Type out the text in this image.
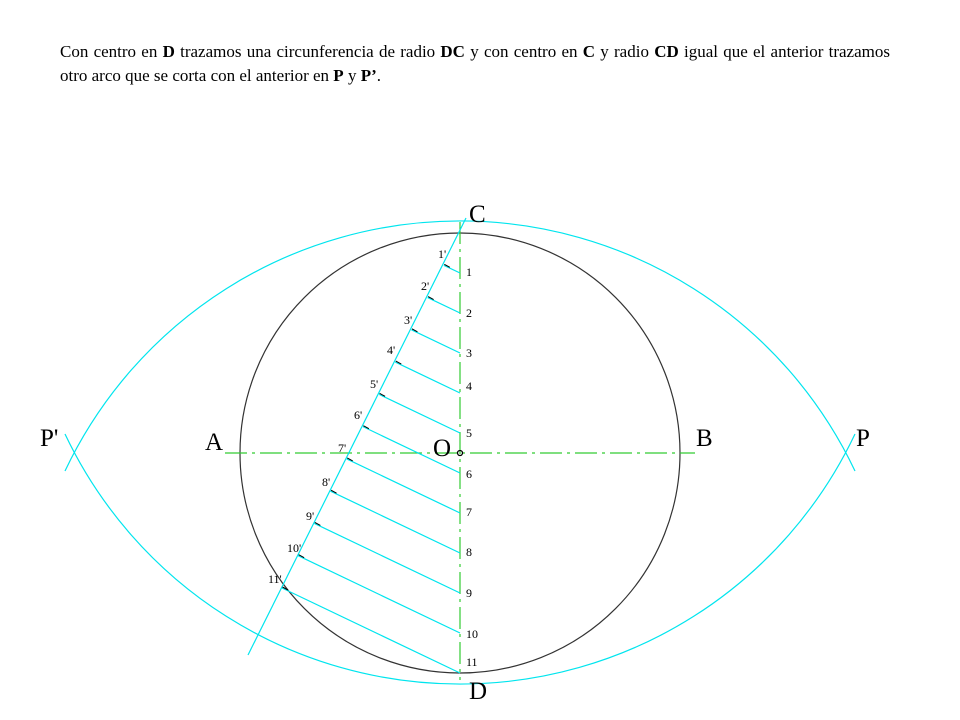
Con centro en D trazamos una circunferencia de radio DC y con centro en C y radio CD igual que el anterior trazamos otro arco que se corta con el anterior en P y P’.
C
D
A	B
O	P
P'
1
2
3
4
5
6
7
8
9
10
11
1'
2'
3'
4'
5'
6'
7'
8'
9'
10'
11'
